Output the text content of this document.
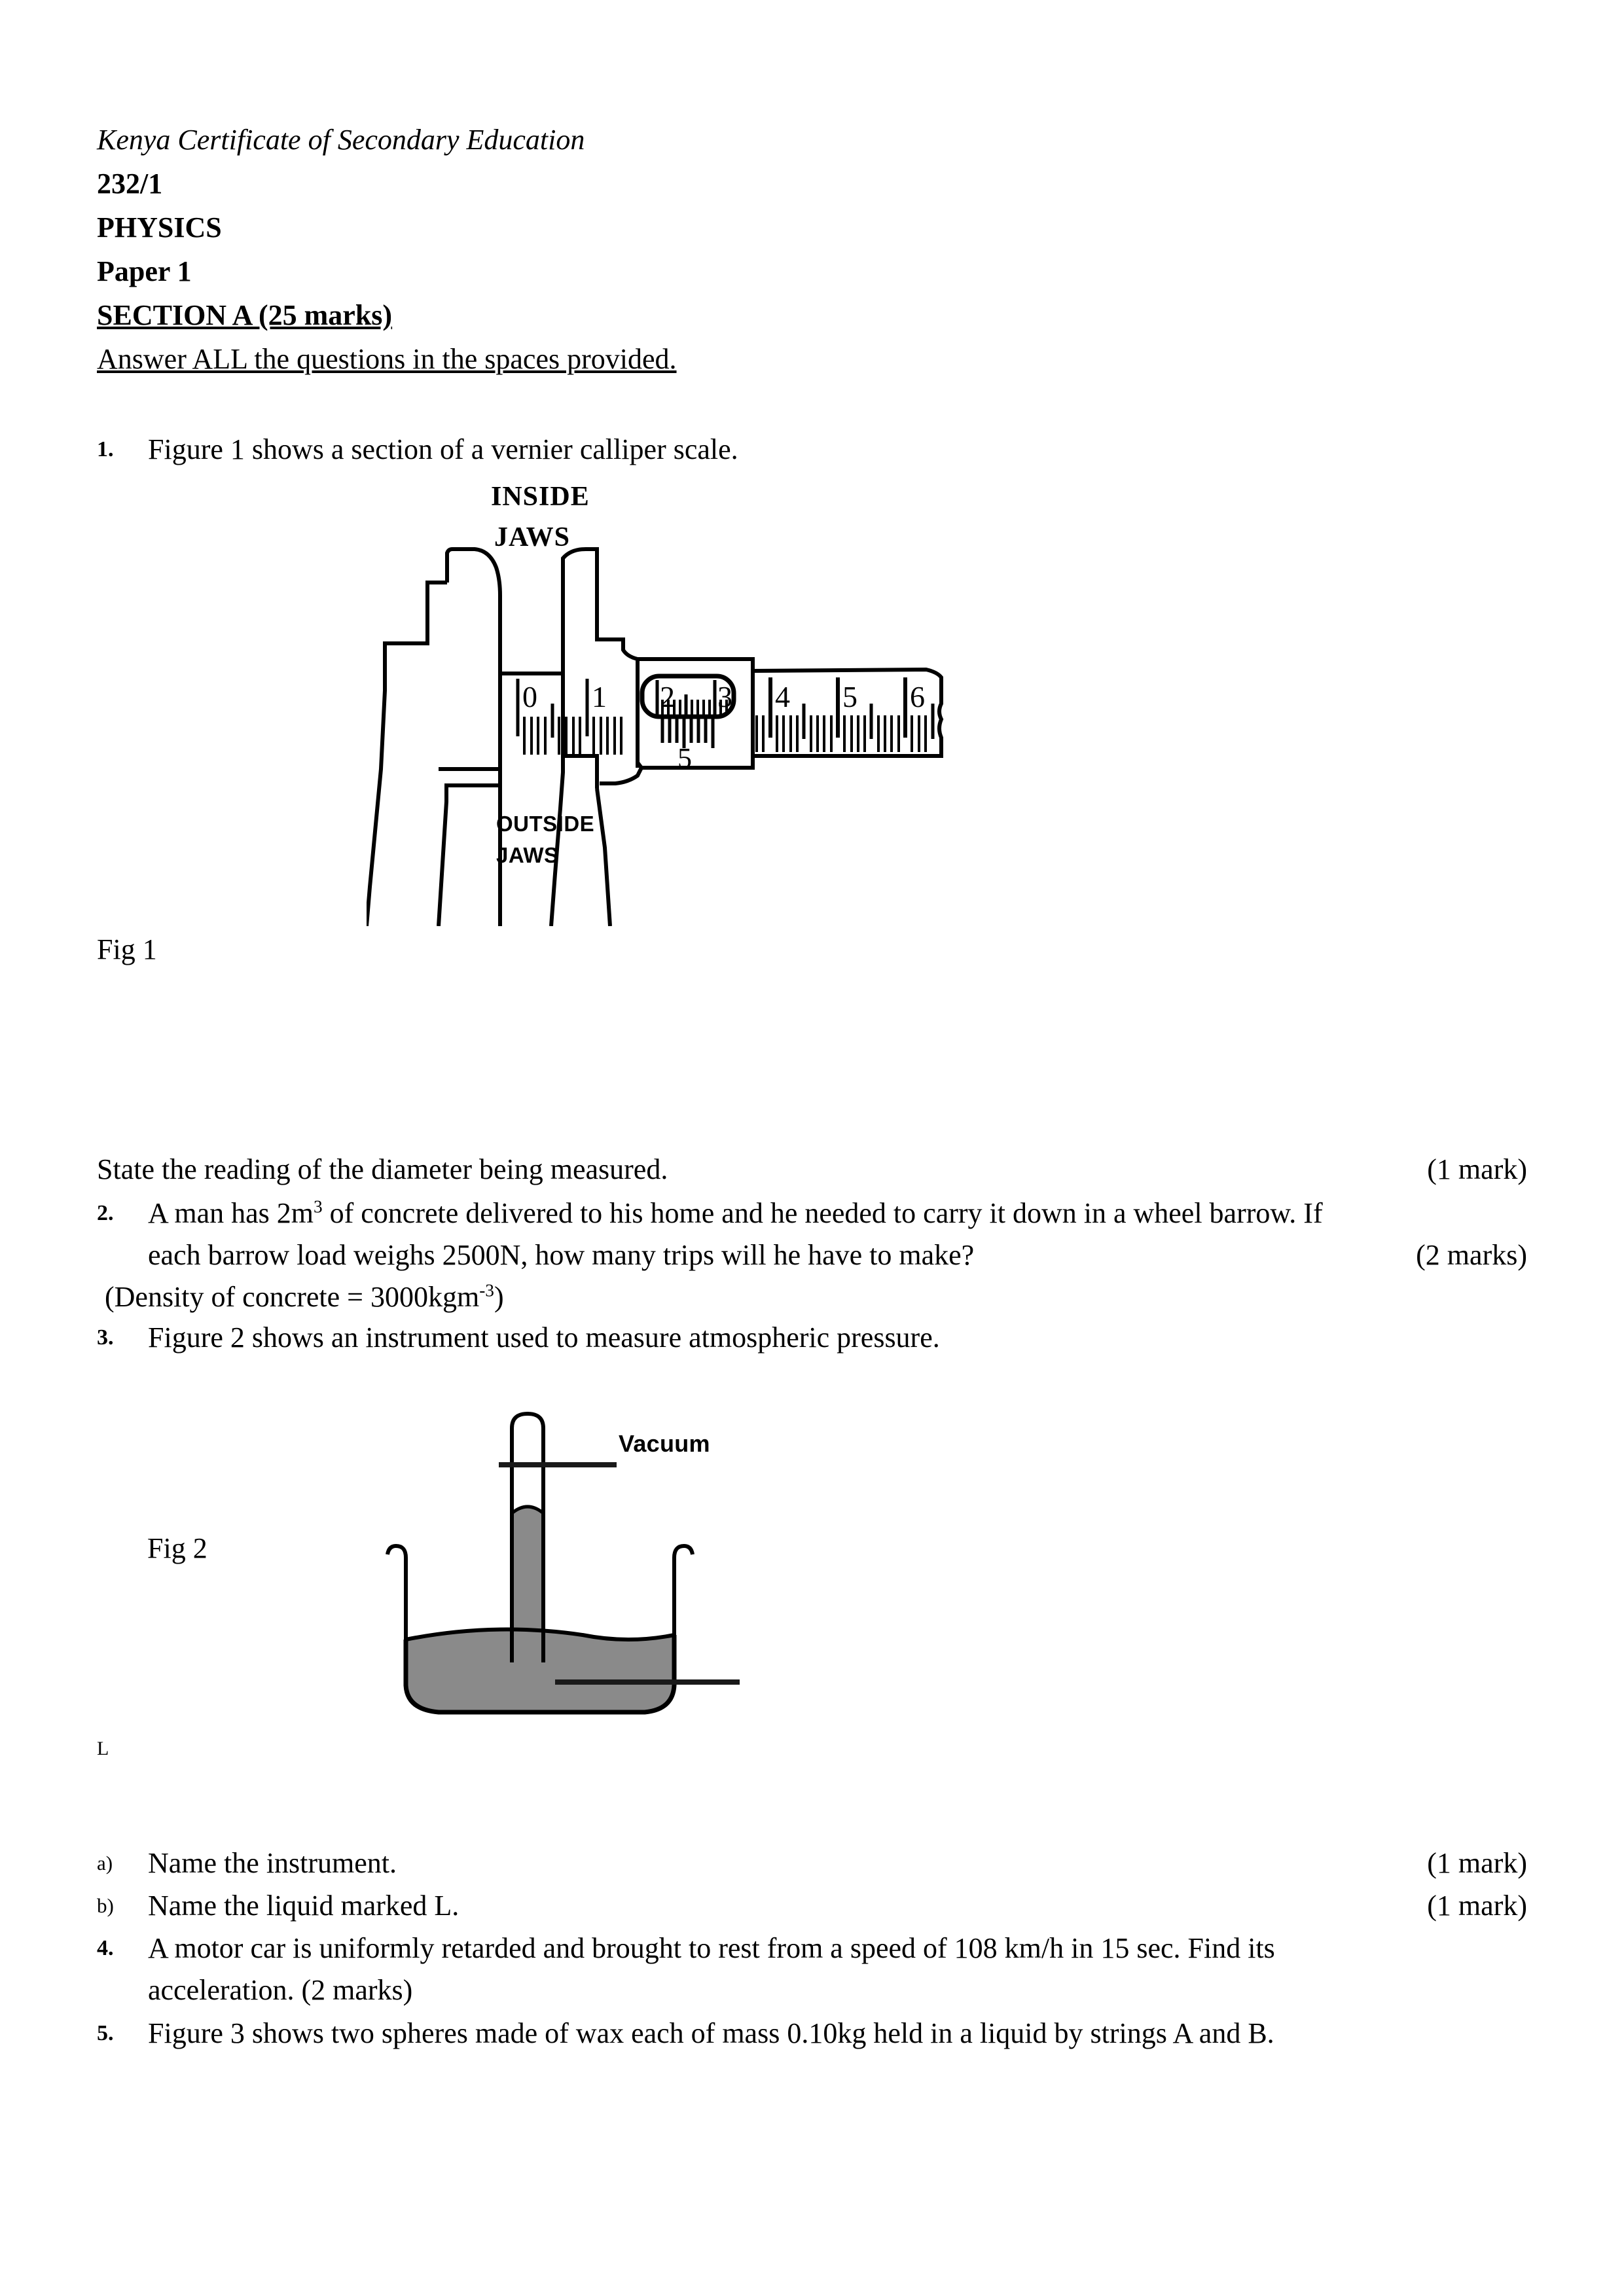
Kenya Certificate of Secondary Education
232/1
PHYSICS
Paper 1
SECTION A (25 marks)
Answer ALL the questions in the spaces provided.
1. Figure 1 shows a section of a vernier calliper scale.
INSIDE
JAWS
OUTSIDE
JAWS
0 1 2 3
5
4 5 6
Fig 1
(1 mark)
State the reading of the diameter being measured.
2. A man has $2m^3$ of concrete delivered to his home and he needed to carry it down in a wheel barrow. If
(2 marks)
each barrow load weighs 2500N, how many trips will he have to make?
(Density of concrete = 3000kgm$^{-3}$)
3. Figure 2 shows an instrument used to measure atmospheric pressure.
Fig 2
Vacuum
L
a)	(1 mark)
Name the instrument.
b)	(1 mark)
Name the liquid marked L.
4. A motor car is uniformly retarded and brought to rest from a speed of 108 km/h in 15 sec. Find its
acceleration. (2 marks)
5. Figure 3 shows two spheres made of wax each of mass 0.10kg held in a liquid by strings A and B.
